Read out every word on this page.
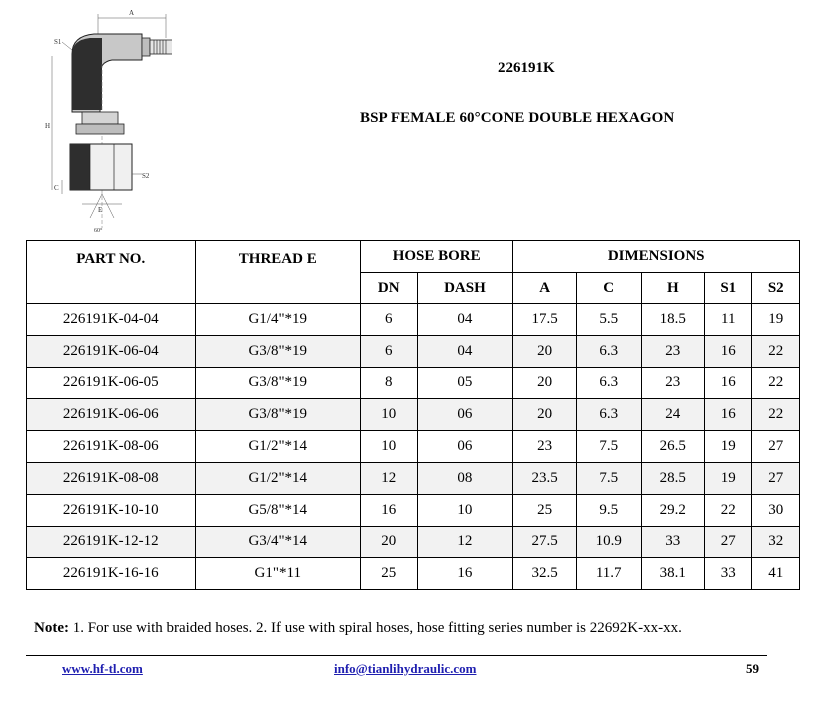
A
S1
H
C
S2
E
60°
226191K
BSP FEMALE 60°CONE DOUBLE HEXAGON
PART NO.	THREAD E	HOSE BORE		DIMENSIONS				
		DN	DASH	A	C	H	S1	S2
226191K-04-04	G1/4"*19	6	04	17.5	5.5	18.5	11	19
226191K-06-04	G3/8"*19	6	04	20	6.3	23	16	22
226191K-06-05	G3/8"*19	8	05	20	6.3	23	16	22
226191K-06-06	G3/8"*19	10	06	20	6.3	24	16	22
226191K-08-06	G1/2"*14	10	06	23	7.5	26.5	19	27
226191K-08-08	G1/2"*14	12	08	23.5	7.5	28.5	19	27
226191K-10-10	G5/8"*14	16	10	25	9.5	29.2	22	30
226191K-12-12	G3/4"*14	20	12	27.5	10.9	33	27	32
226191K-16-16	G1"*11	25	16	32.5	11.7	38.1	33	41
Note: 1. For use with braided hoses. 2. If use with spiral hoses, hose fitting series number is 22692K-xx-xx.
www.hf-tl.com	info@tianlihydraulic.com	59
